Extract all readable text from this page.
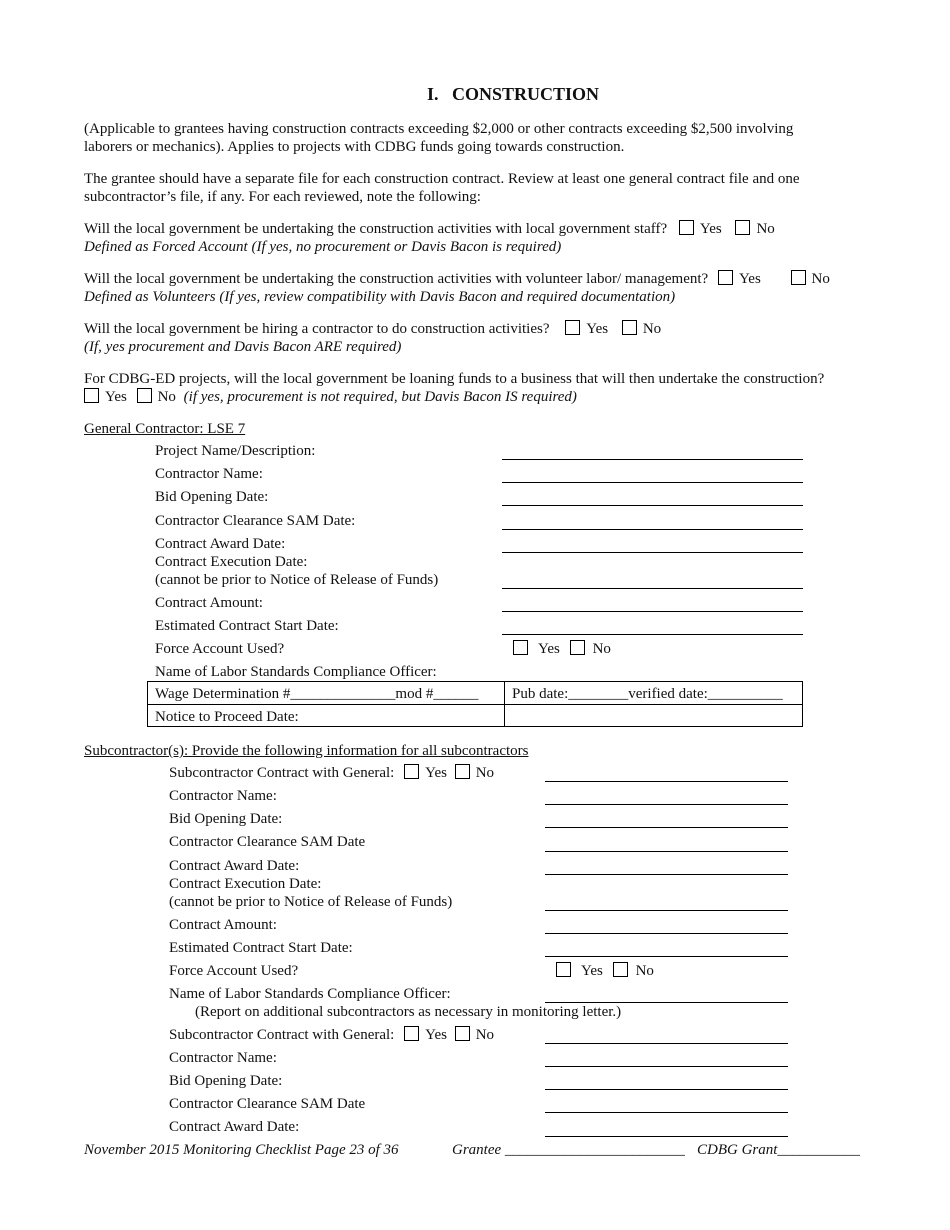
I. CONSTRUCTION
(Applicable to grantees having construction contracts exceeding $2,000 or other contracts exceeding $2,500 involving laborers or mechanics). Applies to projects with CDBG funds going towards construction.
The grantee should have a separate file for each construction contract. Review at least one general contract file and one subcontractor’s file, if any. For each reviewed, note the following:
Will the local government be undertaking the construction activities with local government staff? Yes No
Defined as Forced Account (If yes, no procurement or Davis Bacon is required)
Will the local government be undertaking the construction activities with volunteer labor/ management? Yes	No
Defined as Volunteers (If yes, review compatibility with Davis Bacon and required documentation)
Will the local government be hiring a contractor to do construction activities? Yes No
(If, yes procurement and Davis Bacon ARE required)
For CDBG-ED projects, will the local government be loaning funds to a business that will then undertake the construction?
Yes No (if yes, procurement is not required, but Davis Bacon IS required)
General Contractor: LSE 7
Project Name/Description:
Contractor Name:
Bid Opening Date:
Contractor Clearance SAM Date:
Contract Award Date:
Contract Execution Date:
(cannot be prior to Notice of Release of Funds)
Contract Amount:
Estimated Contract Start Date:
Force Account Used?	Yes No
Name of Labor Standards Compliance Officer:
Wage Determination #______________mod #______ Pub date:________verified date:__________
Notice to Proceed Date:
Subcontractor(s): Provide the following information for all subcontractors
Subcontractor Contract with General: Yes No
Contractor Name:
Bid Opening Date:
Contractor Clearance SAM Date
Contract Award Date:
Contract Execution Date:
(cannot be prior to Notice of Release of Funds)
Contract Amount:
Estimated Contract Start Date:
Force Account Used?	Yes No
Name of Labor Standards Compliance Officer:
(Report on additional subcontractors as necessary in monitoring letter.)
Subcontractor Contract with General: Yes No
Contractor Name:
Bid Opening Date:
Contractor Clearance SAM Date
Contract Award Date:
November 2015 Monitoring Checklist Page 23 of 36	Grantee ________________________ CDBG Grant___________
